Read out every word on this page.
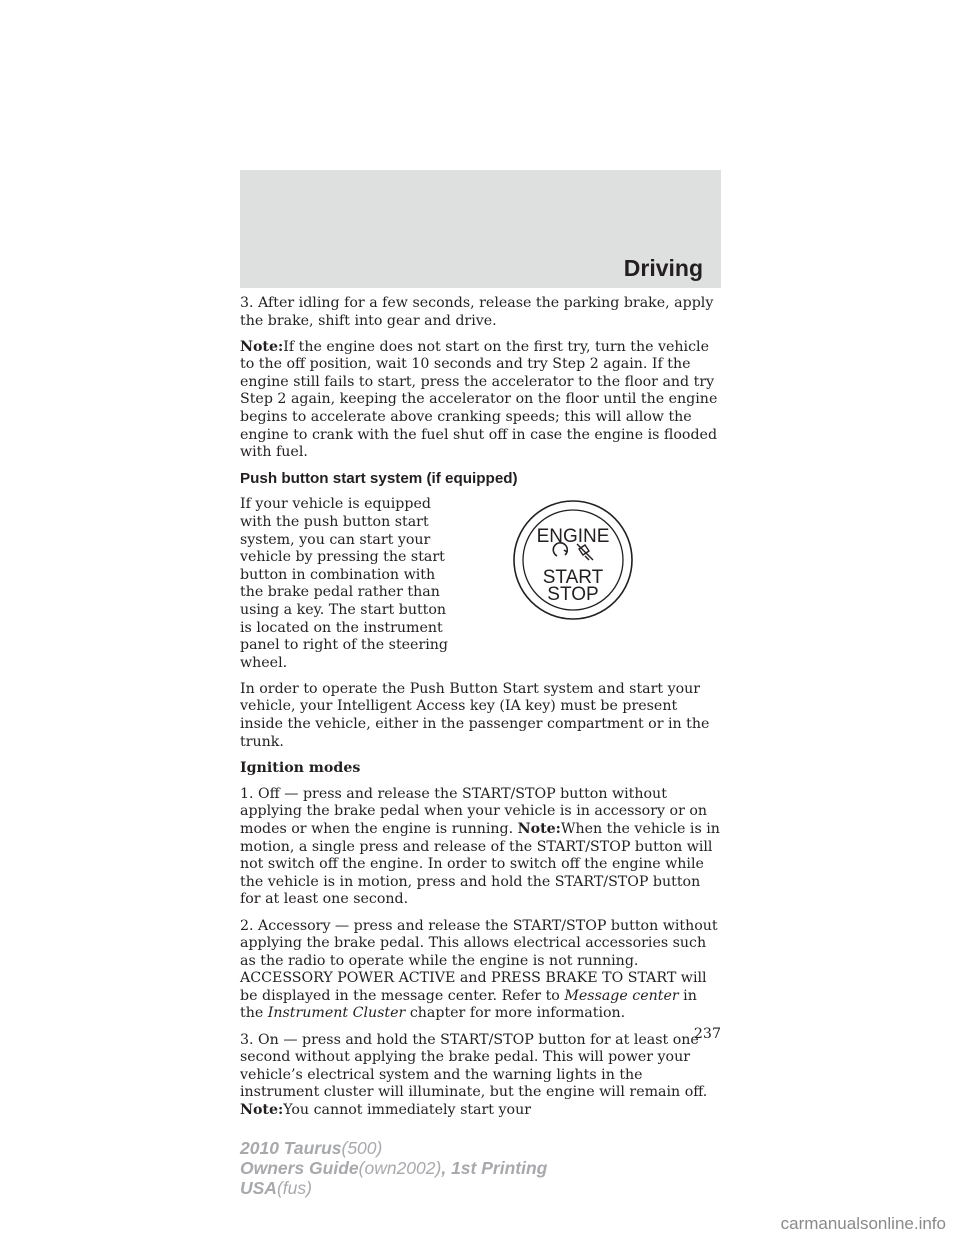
Driving

3. After idling for a few seconds, release the parking brake, apply the brake, shift into gear and drive.

Note:If the engine does not start on the first try, turn the vehicle to the off position, wait 10 seconds and try Step 2 again. If the engine still fails to start, press the accelerator to the floor and try Step 2 again, keeping the accelerator on the floor until the engine begins to accelerate above cranking speeds; this will allow the engine to crank with the fuel shut off in case the engine is flooded with fuel.

Push button start system (if equipped)

ENGINE
START
STOP

If your vehicle is equipped with the push button start system, you can start your vehicle by pressing the start button in combination with the brake pedal rather than using a key. The start button is located on the instrument panel to right of the steering wheel.

In order to operate the Push Button Start system and start your vehicle, your Intelligent Access key (IA key) must be present inside the vehicle, either in the passenger compartment or in the trunk.

Ignition modes

1. Off — press and release the START/STOP button without applying the brake pedal when your vehicle is in accessory or on modes or when the engine is running. Note:When the vehicle is in motion, a single press and release of the START/STOP button will not switch off the engine. In order to switch off the engine while the vehicle is in motion, press and hold the START/STOP button for at least one second.

2. Accessory — press and release the START/STOP button without applying the brake pedal. This allows electrical accessories such as the radio to operate while the engine is not running. ACCESSORY POWER ACTIVE and PRESS BRAKE TO START will be displayed in the message center. Refer to Message center in the Instrument Cluster chapter for more information.

3. On — press and hold the START/STOP button for at least one second without applying the brake pedal. This will power your vehicle’s electrical system and the warning lights in the instrument cluster will illuminate, but the engine will remain off. Note:You cannot immediately start your

237
2010 Taurus(500)
Owners Guide(own2002), 1st Printing
USA(fus)
carmanualsonline.info
